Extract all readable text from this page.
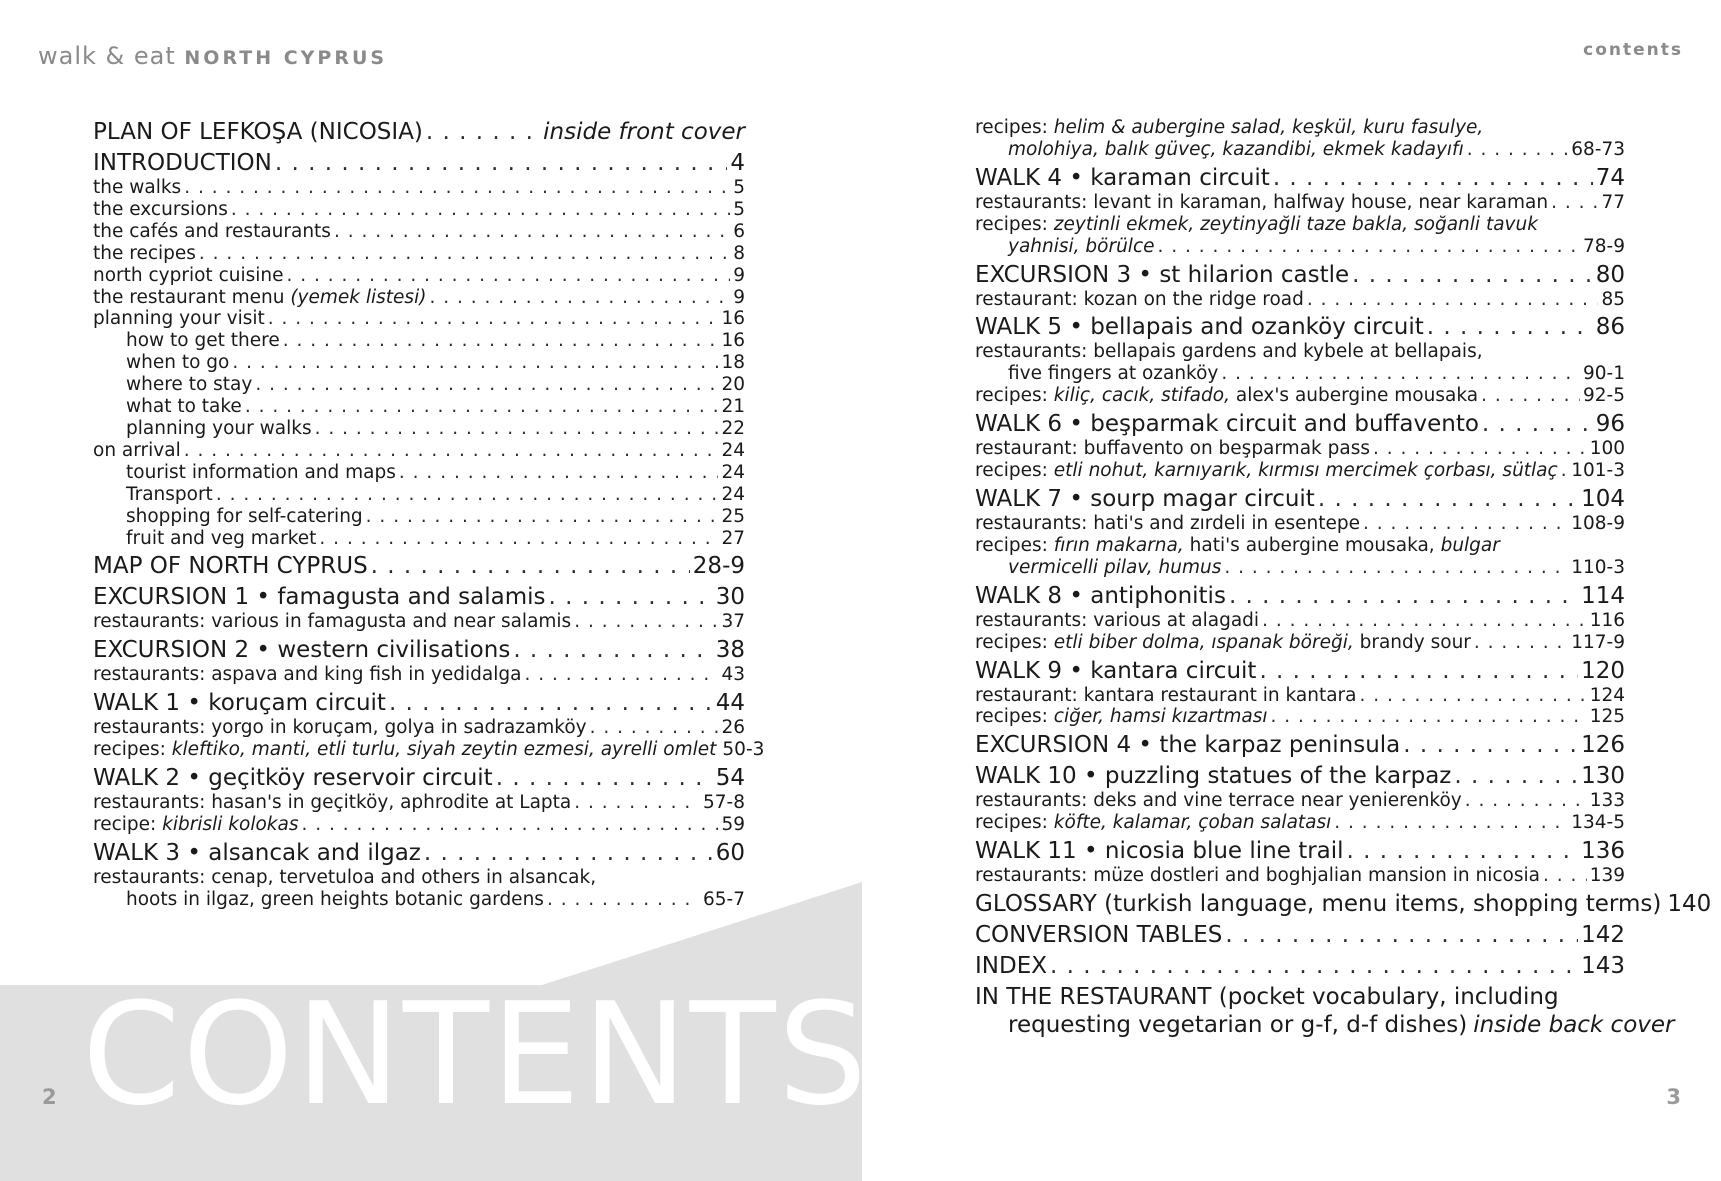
walk & eat NORTH CYPRUS	contents
CONTENTS
2	3
PLAN OF LEFKOŞA (NICOSIA) . . .	inside front cover
INTRODUCTION . . .	4
the walks . . .	5
the excursions . . .	5
the cafés and restaurants . . .	6
the recipes . . .	8
north cypriot cuisine . . .	9
the restaurant menu (yemek listesi) . . .	9
planning your visit . . .	16
how to get there . . .	16
when to go . . .	18
where to stay . . .	20
what to take . . .	21
planning your walks . . .	22
on arrival . . .	24
tourist information and maps . . .	24
Transport . . .	24
shopping for self-catering . . .	25
fruit and veg market . . .	27
MAP OF NORTH CYPRUS . . .	28-9
EXCURSION 1 • famagusta and salamis . . .	30
restaurants: various in famagusta and near salamis . . .	37
EXCURSION 2 • western civilisations . . .	38
restaurants: aspava and king fish in yedidalga . . .	43
WALK 1 • koruçam circuit . . .	44
restaurants: yorgo in koruçam, golya in sadrazamköy . . .	26
recipes: kleftiko, manti, etli turlu, siyah zeytin ezmesi, ayrelli omlet 50-3
WALK 2 • geçitköy reservoir circuit . . .	54
restaurants: hasan's in geçitköy, aphrodite at Lapta . . .	57-8
recipe: kibrisli kolokas . . .	59
WALK 3 • alsancak and ilgaz . . .	60
restaurants: cenap, tervetuloa and others in alsancak,
hoots in ilgaz, green heights botanic gardens . . .	65-7
recipes: helim & aubergine salad, keşkül, kuru fasulye,
molohiya, balık güveç, kazandibi, ekmek kadayıfı . . .	68-73
WALK 4 • karaman circuit . . .	74
restaurants: levant in karaman, halfway house, near karaman . . .	77
recipes: zeytinli ekmek, zeytinyağli taze bakla, soğanli tavuk
yahnisi, börülce . . .	78-9
EXCURSION 3 • st hilarion castle . . .	80
restaurant: kozan on the ridge road . . .	85
WALK 5 • bellapais and ozanköy circuit . . .	86
restaurants: bellapais gardens and kybele at bellapais,
five fingers at ozanköy . . .	90-1
recipes: kiliç, cacık, stifado, alex's aubergine mousaka . . .	92-5
WALK 6 • beşparmak circuit and buffavento . . .	96
restaurant: buffavento on beşparmak pass . . .	100
recipes: etli nohut, karnıyarık, kırmısı mercimek çorbası, sütlaç . . . 101-3
WALK 7 • sourp magar circuit . . .	104
restaurants: hati's and zırdeli in esentepe . . .	108-9
recipes: fırın makarna, hati's aubergine mousaka, bulgar
vermicelli pilav, humus . . .	110-3
WALK 8 • antiphonitis . . .	114
restaurants: various at alagadi . . .	116
recipes: etli biber dolma, ıspanak böreği, brandy sour . . .	117-9
WALK 9 • kantara circuit . . .	120
restaurant: kantara restaurant in kantara . . .	124
recipes: ciğer, hamsi kızartması . . .	125
EXCURSION 4 • the karpaz peninsula . . .	126
WALK 10 • puzzling statues of the karpaz . . .	130
restaurants: deks and vine terrace near yenierenköy . . .	133
recipes: köfte, kalamar, çoban salatası . . .	134-5
WALK 11 • nicosia blue line trail . . .	136
restaurants: müze dostleri and boghjalian mansion in nicosia . . .	139
GLOSSARY (turkish language, menu items, shopping terms) 140
CONVERSION TABLES . . .	142
INDEX . . .	143
IN THE RESTAURANT (pocket vocabulary, including
requesting vegetarian or g-f, d-f dishes) inside back cover
